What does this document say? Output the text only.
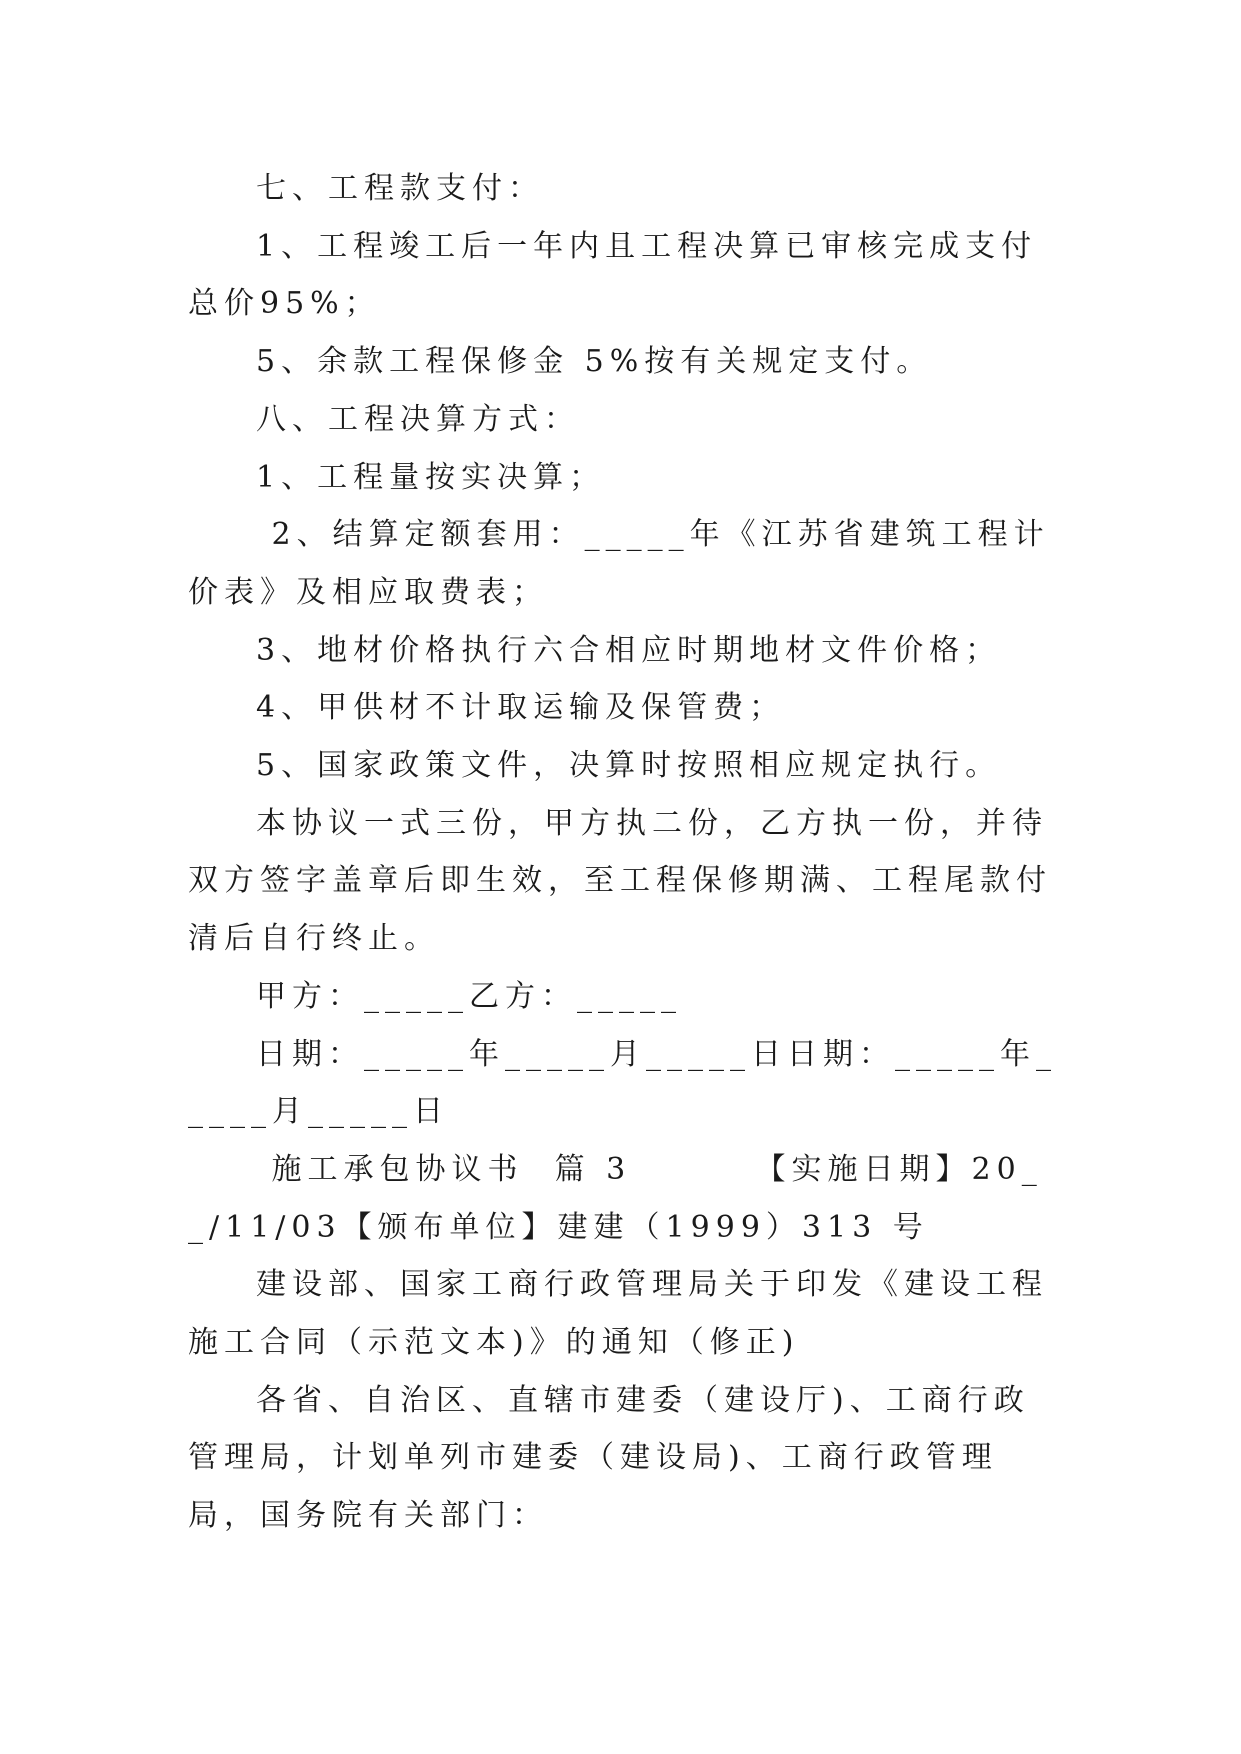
七、工程款支付：

1、工程竣工后一年内且工程决算已审核完成支付总价95%；

5、余款工程保修金 5%按有关规定支付。

八、工程决算方式：

1、工程量按实决算；

2、结算定额套用：_____年《江苏省建筑工程计价表》及相应取费表；

3、地材价格执行六合相应时期地材文件价格；

4、甲供材不计取运输及保管费；

5、国家政策文件，决算时按照相应规定执行。

本协议一式三份，甲方执二份，乙方执一份，并待双方签字盖章后即生效，至工程保修期满、工程尾款付清后自行终止。

甲方：_____乙方：_____

日期：_____年_____月_____日日期：_____年_____月_____日

施工承包协议书  篇 3        【实施日期】20__/11/03【颁布单位】建建（1999）313 号

建设部、国家工商行政管理局关于印发《建设工程施工合同（示范文本)》的通知（修正)

各省、自治区、直辖市建委（建设厅)、工商行政管理局，计划单列市建委（建设局)、工商行政管理局，国务院有关部门：
